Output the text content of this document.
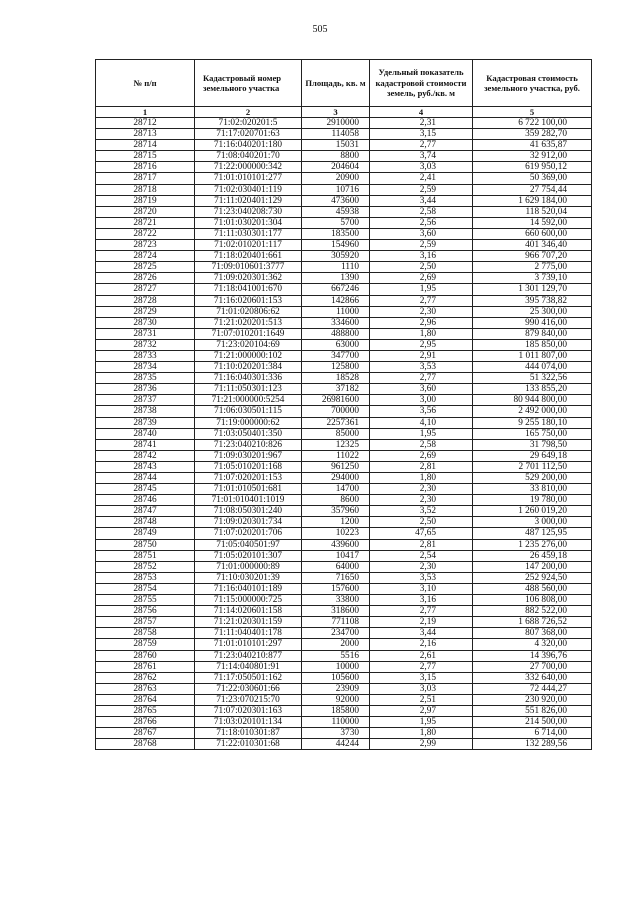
505
№ п/п	Кадастровый номер земельного участка	Площадь, кв. м	Удельный показатель кадастровой стоимости земель, руб./кв. м	Кадастровая стоимость земельного участка, руб.
1	2	3	4	5
28712	71:02:020201:5	2910000	2,31	6 722 100,00
28713	71:17:020701:63	114058	3,15	359 282,70
28714	71:16:040201:180	15031	2,77	41 635,87
28715	71:08:040201:70	8800	3,74	32 912,00
28716	71:22:000000:342	204604	3,03	619 950,12
28717	71:01:010101:277	20900	2,41	50 369,00
28718	71:02:030401:119	10716	2,59	27 754,44
28719	71:11:020401:129	473600	3,44	1 629 184,00
28720	71:23:040208:730	45938	2,58	118 520,04
28721	71:01:030201:304	5700	2,56	14 592,00
28722	71:11:030301:177	183500	3,60	660 600,00
28723	71:02:010201:117	154960	2,59	401 346,40
28724	71:18:020401:661	305920	3,16	966 707,20
28725	71:09:010601:3777	1110	2,50	2 775,00
28726	71:09:020301:362	1390	2,69	3 739,10
28727	71:18:041001:670	667246	1,95	1 301 129,70
28728	71:16:020601:153	142866	2,77	395 738,82
28729	71:01:020806:62	11000	2,30	25 300,00
28730	71:21:020201:513	334600	2,96	990 416,00
28731	71:07:010201:1649	488800	1,80	879 840,00
28732	71:23:020104:69	63000	2,95	185 850,00
28733	71:21:000000:102	347700	2,91	1 011 807,00
28734	71:10:020201:384	125800	3,53	444 074,00
28735	71:16:040301:336	18528	2,77	51 322,56
28736	71:11:050301:123	37182	3,60	133 855,20
28737	71:21:000000:5254	26981600	3,00	80 944 800,00
28738	71:06:030501:115	700000	3,56	2 492 000,00
28739	71:19:000000:62	2257361	4,10	9 255 180,10
28740	71:03:050401:350	85000	1,95	165 750,00
28741	71:23:040210:826	12325	2,58	31 798,50
28742	71:09:030201:967	11022	2,69	29 649,18
28743	71:05:010201:168	961250	2,81	2 701 112,50
28744	71:07:020201:153	294000	1,80	529 200,00
28745	71:01:010501:681	14700	2,30	33 810,00
28746	71:01:010401:1019	8600	2,30	19 780,00
28747	71:08:050301:240	357960	3,52	1 260 019,20
28748	71:09:020301:734	1200	2,50	3 000,00
28749	71:07:020201:706	10223	47,65	487 125,95
28750	71:05:040501:97	439600	2,81	1 235 276,00
28751	71:05:020101:307	10417	2,54	26 459,18
28752	71:01:000000:89	64000	2,30	147 200,00
28753	71:10:030201:39	71650	3,53	252 924,50
28754	71:16:040101:189	157600	3,10	488 560,00
28755	71:15:000000:725	33800	3,16	106 808,00
28756	71:14:020601:158	318600	2,77	882 522,00
28757	71:21:020301:159	771108	2,19	1 688 726,52
28758	71:11:040401:178	234700	3,44	807 368,00
28759	71:01:010101:297	2000	2,16	4 320,00
28760	71:23:040210:877	5516	2,61	14 396,76
28761	71:14:040801:91	10000	2,77	27 700,00
28762	71:17:050501:162	105600	3,15	332 640,00
28763	71:22:030601:66	23909	3,03	72 444,27
28764	71:23:070215:70	92000	2,51	230 920,00
28765	71:07:020301:163	185800	2,97	551 826,00
28766	71:03:020101:134	110000	1,95	214 500,00
28767	71:18:010301:87	3730	1,80	6 714,00
28768	71:22:010301:68	44244	2,99	132 289,56
